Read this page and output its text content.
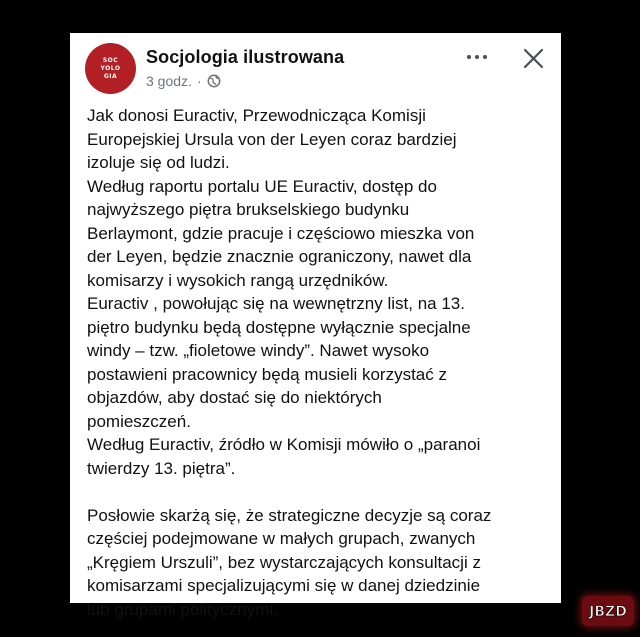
SOC
YOLO
GIA
Socjologia ilustrowana
3 godz. ·
Jak donosi Euractiv, Przewodnicząca Komisji
Europejskiej Ursula von der Leyen coraz bardziej
izoluje się od ludzi.
Według raportu portalu UE Euractiv, dostęp do
najwyższego piętra brukselskiego budynku
Berlaymont, gdzie pracuje i częściowo mieszka von
der Leyen, będzie znacznie ograniczony, nawet dla
komisarzy i wysokich rangą urzędników.
Euractiv , powołując się na wewnętrzny list, na 13.
piętro budynku będą dostępne wyłącznie specjalne
windy – tzw. „fioletowe windy”. Nawet wysoko
postawieni pracownicy będą musieli korzystać z
objazdów, aby dostać się do niektórych
pomieszczeń.
Według Euractiv, źródło w Komisji mówiło o „paranoi
twierdzy 13. piętra”.
Posłowie skarżą się, że strategiczne decyzje są coraz
częściej podejmowane w małych grupach, zwanych
„Kręgiem Urszuli”, bez wystarczających konsultacji z
komisarzami specjalizującymi się w danej dziedzinie
lub grupami politycznymi.	JBZD
